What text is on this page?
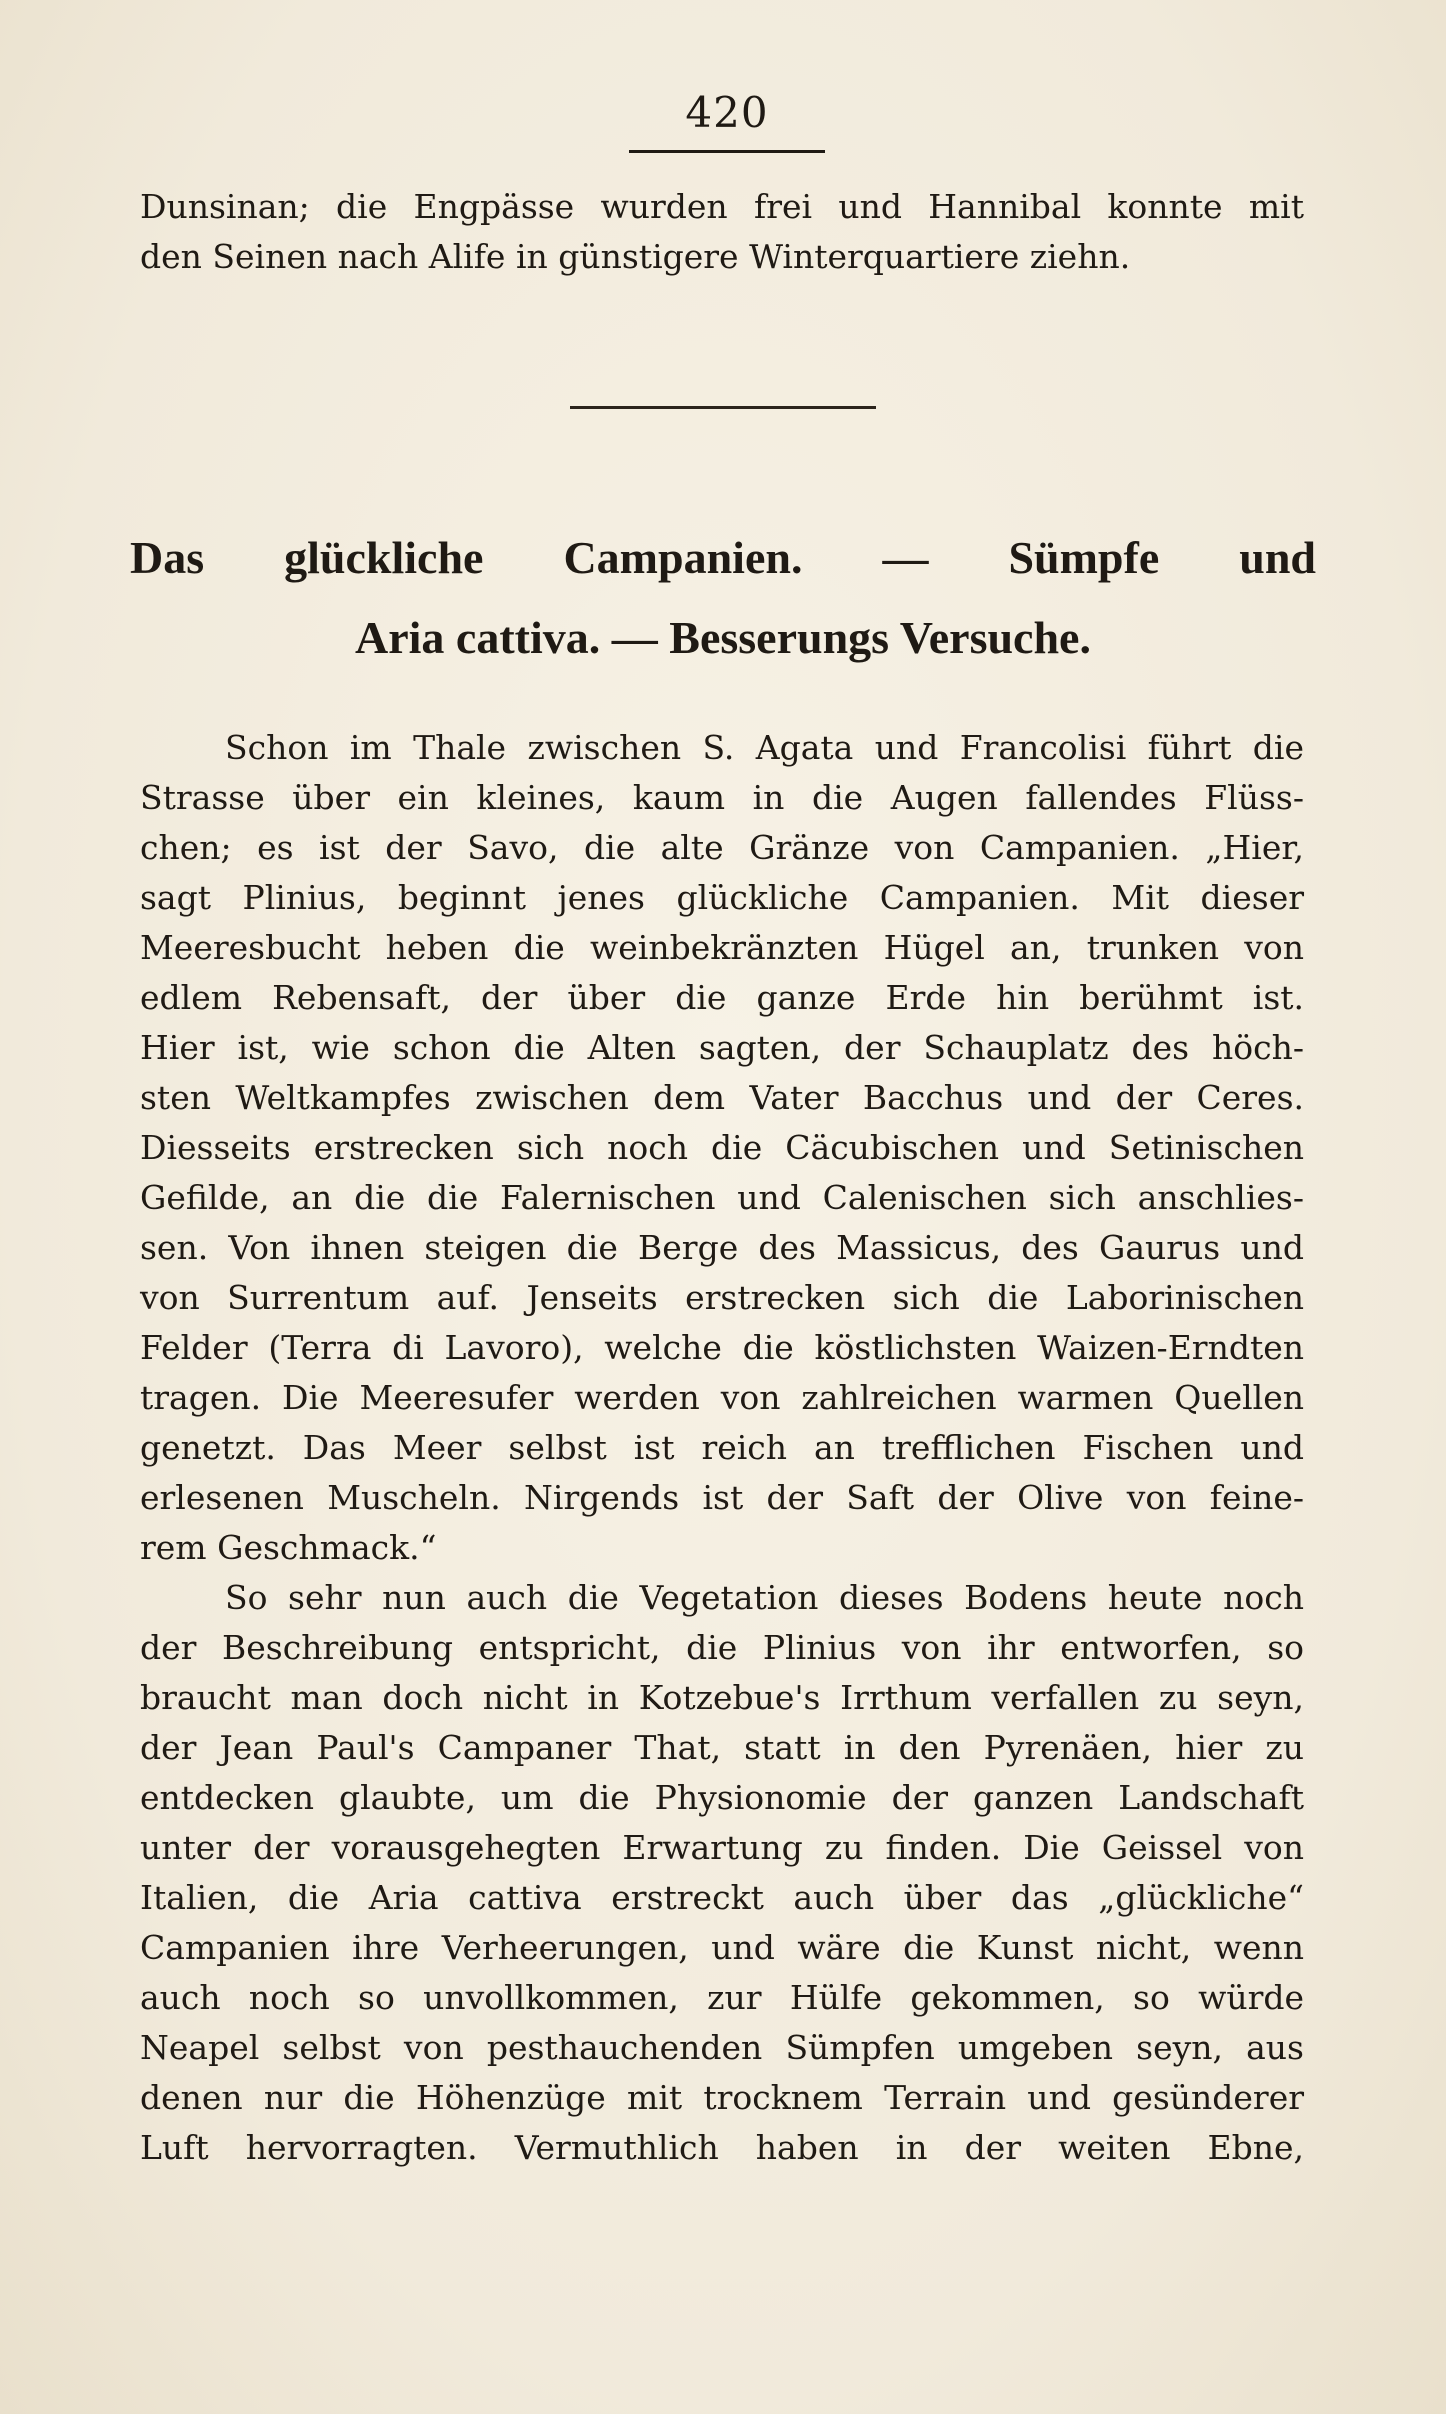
420
Dunsinan; die Engpässe wurden frei und Hannibal konnte mit
den Seinen nach Alife in günstigere Winterquartiere ziehn.
Das glückliche Campanien. — Sümpfe und
Aria cattiva. — Besserungs Versuche.
Schon im Thale zwischen S. Agata und Francolisi führt die
Strasse über ein kleines, kaum in die Augen fallendes Flüss-
chen; es ist der Savo, die alte Gränze von Campanien. „Hier,
sagt Plinius, beginnt jenes glückliche Campanien. Mit dieser
Meeresbucht heben die weinbekränzten Hügel an, trunken von
edlem Rebensaft, der über die ganze Erde hin berühmt ist.
Hier ist, wie schon die Alten sagten, der Schauplatz des höch-
sten Weltkampfes zwischen dem Vater Bacchus und der Ceres.
Diesseits erstrecken sich noch die Cäcubischen und Setinischen
Gefilde, an die die Falernischen und Calenischen sich anschlies-
sen. Von ihnen steigen die Berge des Massicus, des Gaurus und
von Surrentum auf. Jenseits erstrecken sich die Laborinischen
Felder (Terra di Lavoro), welche die köstlichsten Waizen-Erndten
tragen. Die Meeresufer werden von zahlreichen warmen Quellen
genetzt. Das Meer selbst ist reich an trefflichen Fischen und
erlesenen Muscheln. Nirgends ist der Saft der Olive von feine-
rem Geschmack.“
So sehr nun auch die Vegetation dieses Bodens heute noch
der Beschreibung entspricht, die Plinius von ihr entworfen, so
braucht man doch nicht in Kotzebue's Irrthum verfallen zu seyn,
der Jean Paul's Campaner That, statt in den Pyrenäen, hier zu
entdecken glaubte, um die Physionomie der ganzen Landschaft
unter der vorausgehegten Erwartung zu finden. Die Geissel von
Italien, die Aria cattiva erstreckt auch über das „glückliche“
Campanien ihre Verheerungen, und wäre die Kunst nicht, wenn
auch noch so unvollkommen, zur Hülfe gekommen, so würde
Neapel selbst von pesthauchenden Sümpfen umgeben seyn, aus
denen nur die Höhenzüge mit trocknem Terrain und gesünderer
Luft hervorragten. Vermuthlich haben in der weiten Ebne,
